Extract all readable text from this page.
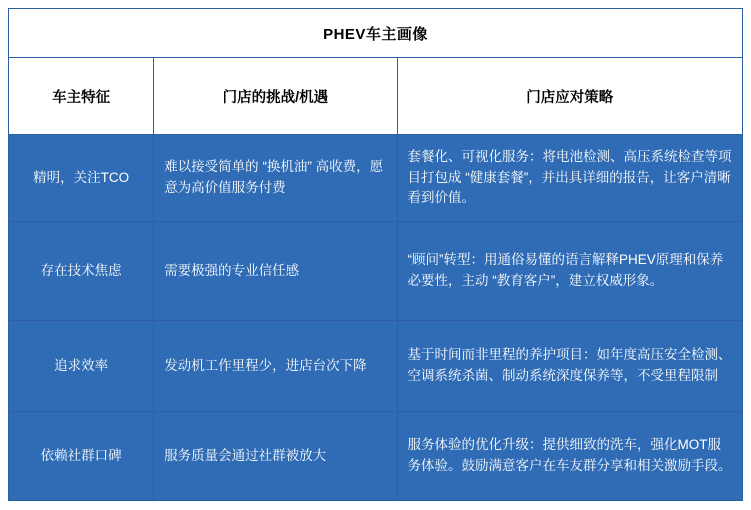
PHEV车主画像		
车主特征	门店的挑战/机遇	门店应对策略
精明，关注TCO	难以接受简单的 “换机油” 高收费，愿意为高价值服务付费	套餐化、可视化服务：将电池检测、高压系统检查等项目打包成 “健康套餐”，并出具详细的报告，让客户清晰看到价值。
存在技术焦虑	需要极强的专业信任感	“顾问”转型：用通俗易懂的语言解释PHEV原理和保养必要性，主动 “教育客户”，建立权威形象。
追求效率	发动机工作里程少，进店台次下降	基于时间而非里程的养护项目：如年度高压安全检测、空调系统杀菌、制动系统深度保养等，不受里程限制
依赖社群口碑	服务质量会通过社群被放大	服务体验的优化升级：提供细致的洗车，强化MOT服务体验。鼓励满意客户在车友群分享和相关激励手段。
